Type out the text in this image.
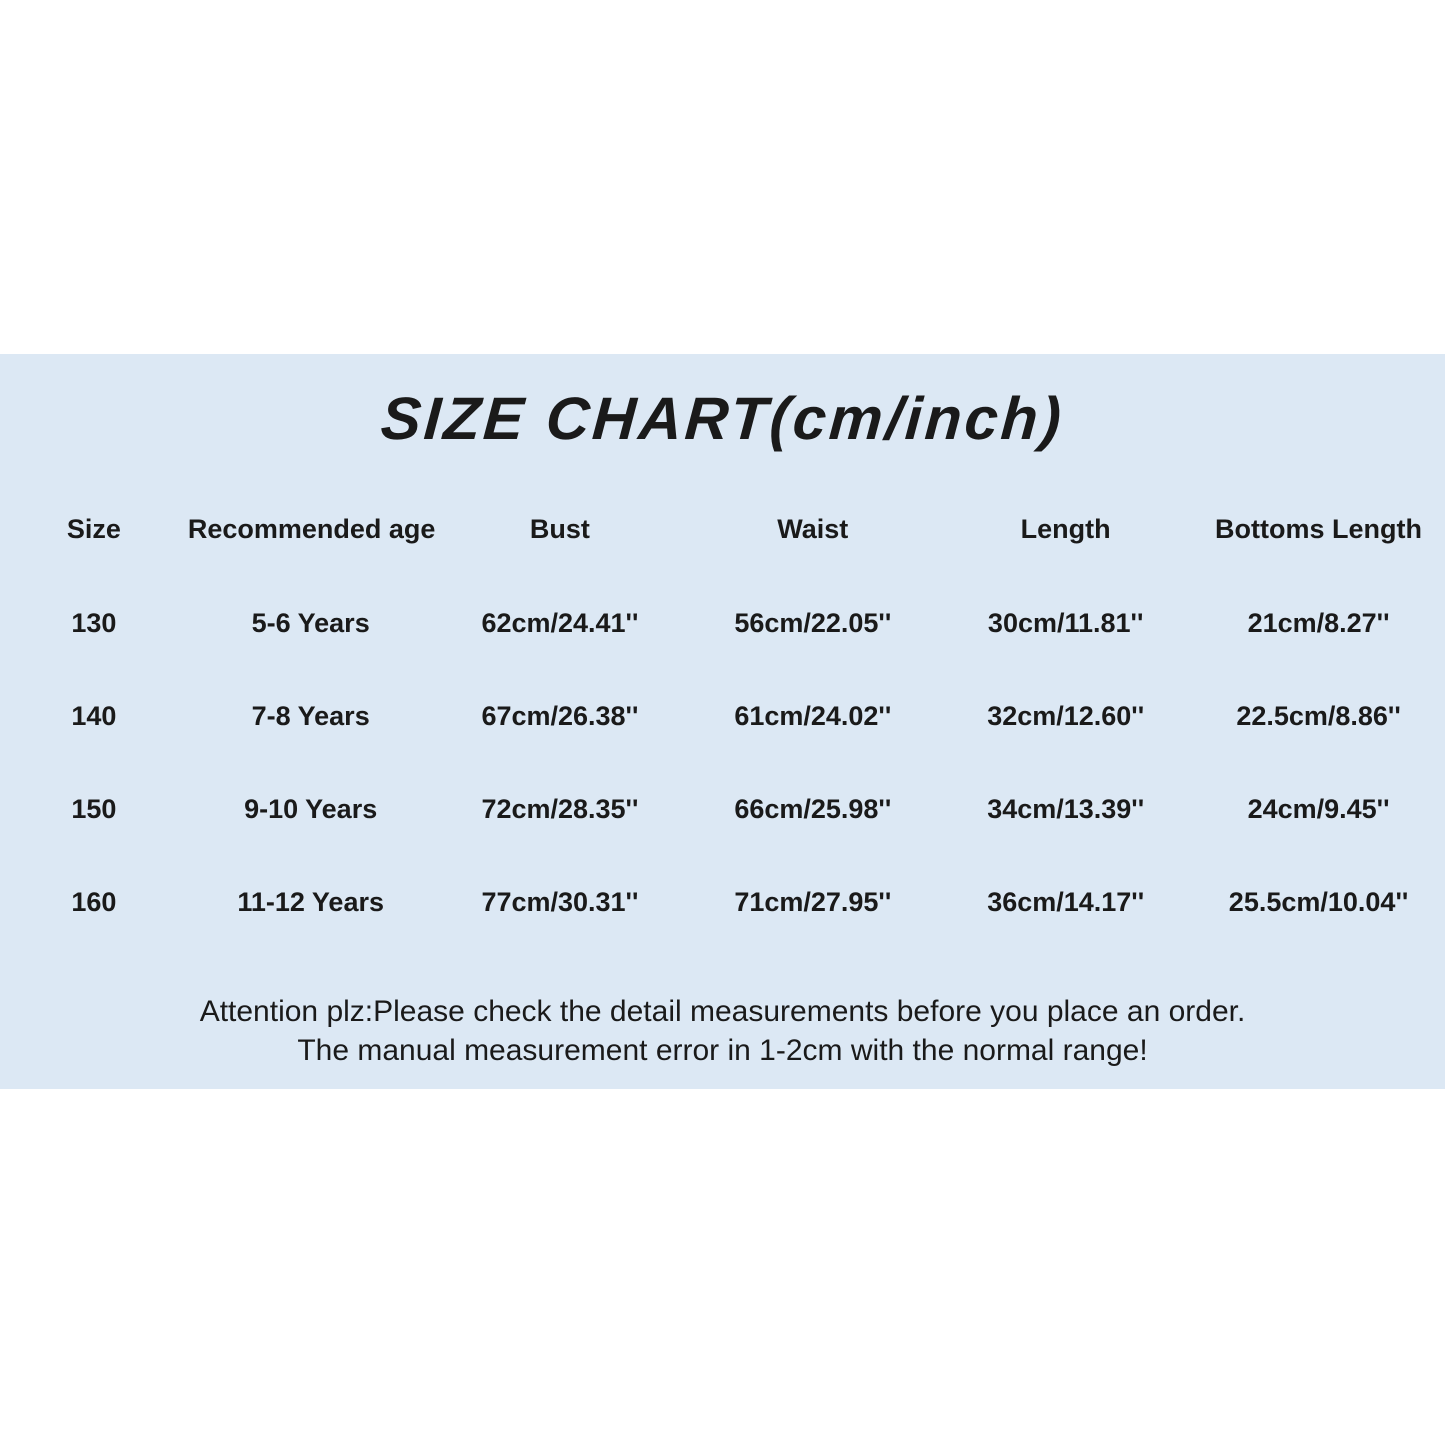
SIZE CHART(cm/inch)
Size	Recommended age	Bust	Waist	Length	Bottoms Length
130	5-6 Years	62cm/24.41''	56cm/22.05''	30cm/11.81''	21cm/8.27''
140	7-8 Years	67cm/26.38''	61cm/24.02''	32cm/12.60''	22.5cm/8.86''
150	9-10 Years	72cm/28.35''	66cm/25.98''	34cm/13.39''	24cm/9.45''
160	11-12 Years	77cm/30.31''	71cm/27.95''	36cm/14.17''	25.5cm/10.04''
Attention plz:Please check the detail measurements before you place an order.
The manual measurement error in 1-2cm with the normal range!
